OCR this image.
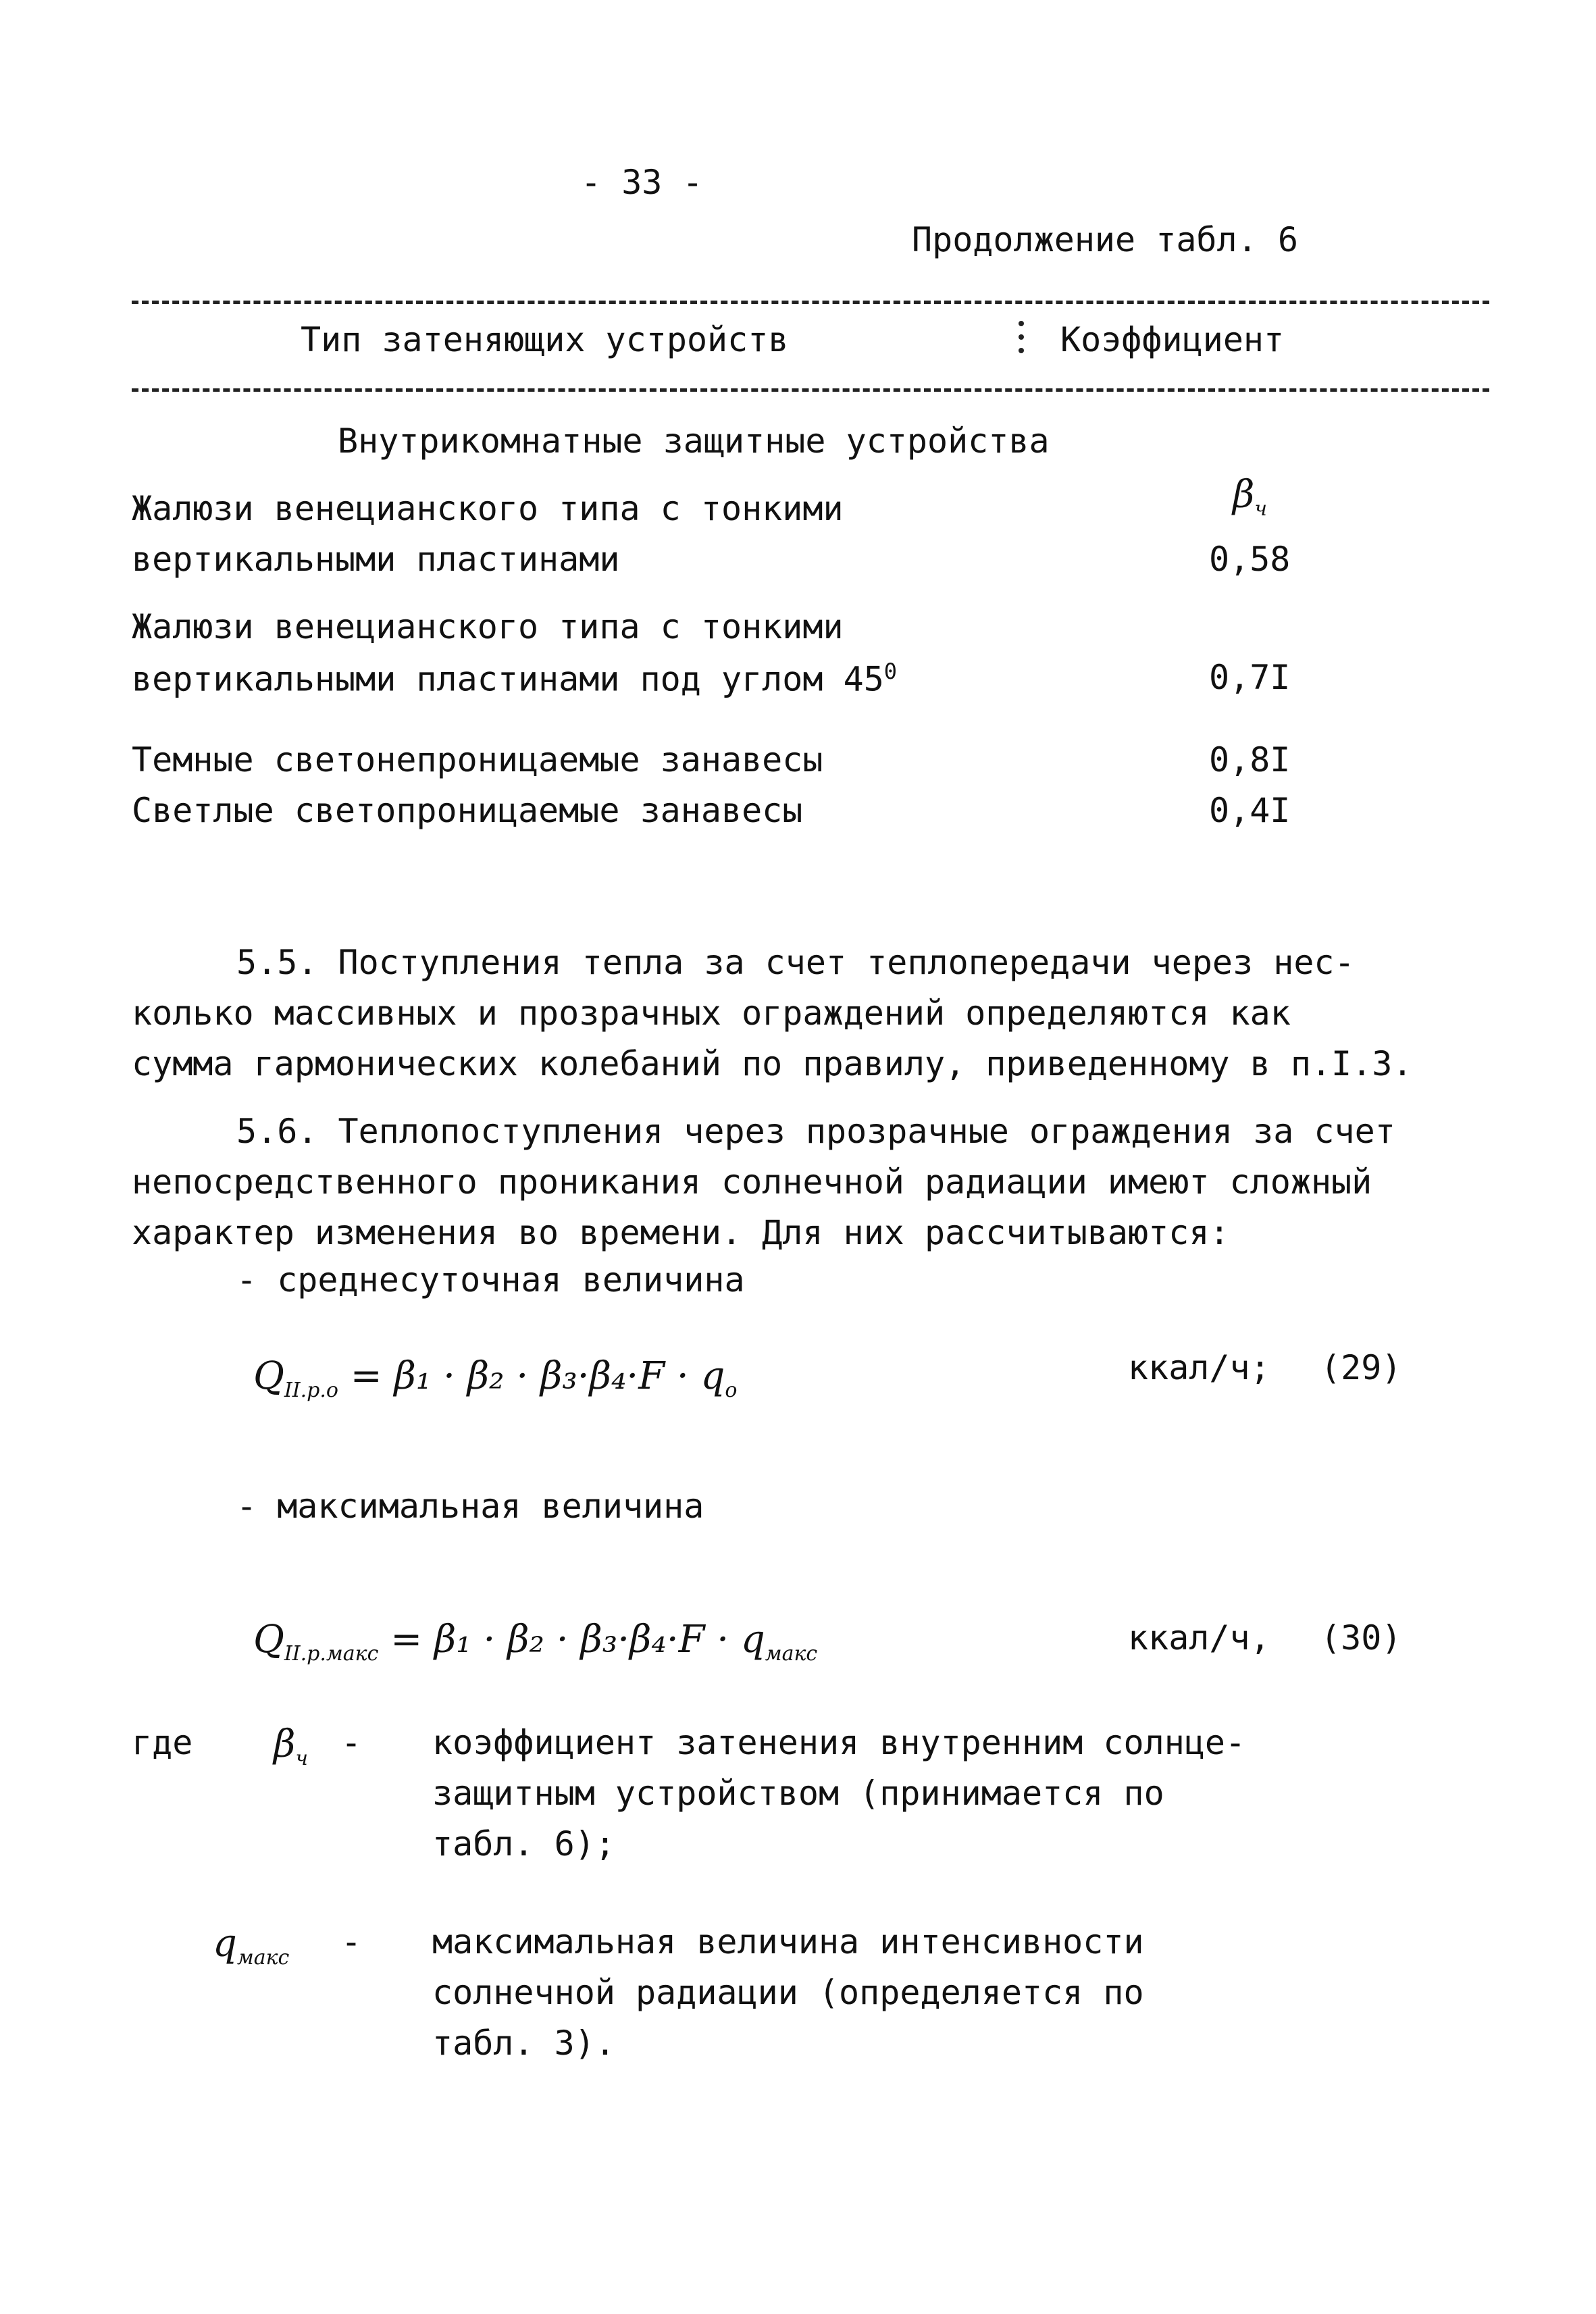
- 33 -
Продолжение табл. 6
Тип затеняющих устройств	Коэффициент
Внутрикомнатные защитные устройства
$\beta_ч$
Жалюзи венецианского типа с тонкими
вертикальными пластинами	0,58
Жалюзи венецианского типа с тонкими
вертикальными пластинами под углом $45^0$	0,7I
Темные светонепроницаемые занавесы	0,8I
Светлые светопроницаемые занавесы	0,4I
5.5. Поступления тепла за счет теплопередачи через нес-
колько массивных и прозрачных ограждений определяются как
сумма гармонических колебаний по правилу, приведенному в п.I.3.
5.6. Теплопоступления через прозрачные ограждения за счет
непосредственного проникания солнечной радиации имеют сложный
характер изменения во времени. Для них рассчитываются:
- среднесуточная величина
$Q_{II.р.о} = \beta_1 \cdot \beta_2 \cdot \beta_3\cdot\beta_4\cdot F \cdot q_о$
ккал/ч; (29)
- максимальная величина
$Q_{II.р.макс} = \beta_1 \cdot \beta_2 \cdot \beta_3\cdot\beta_4\cdot F \cdot q_{макс}$	ккал/ч, (30)
где $\beta_ч$ - коэффициент затенения внутренним солнце-
защитным устройством (принимается по
табл. 6);
$q_{макс}$ - максимальная величина интенсивности
солнечной радиации (определяется по
табл. 3).
